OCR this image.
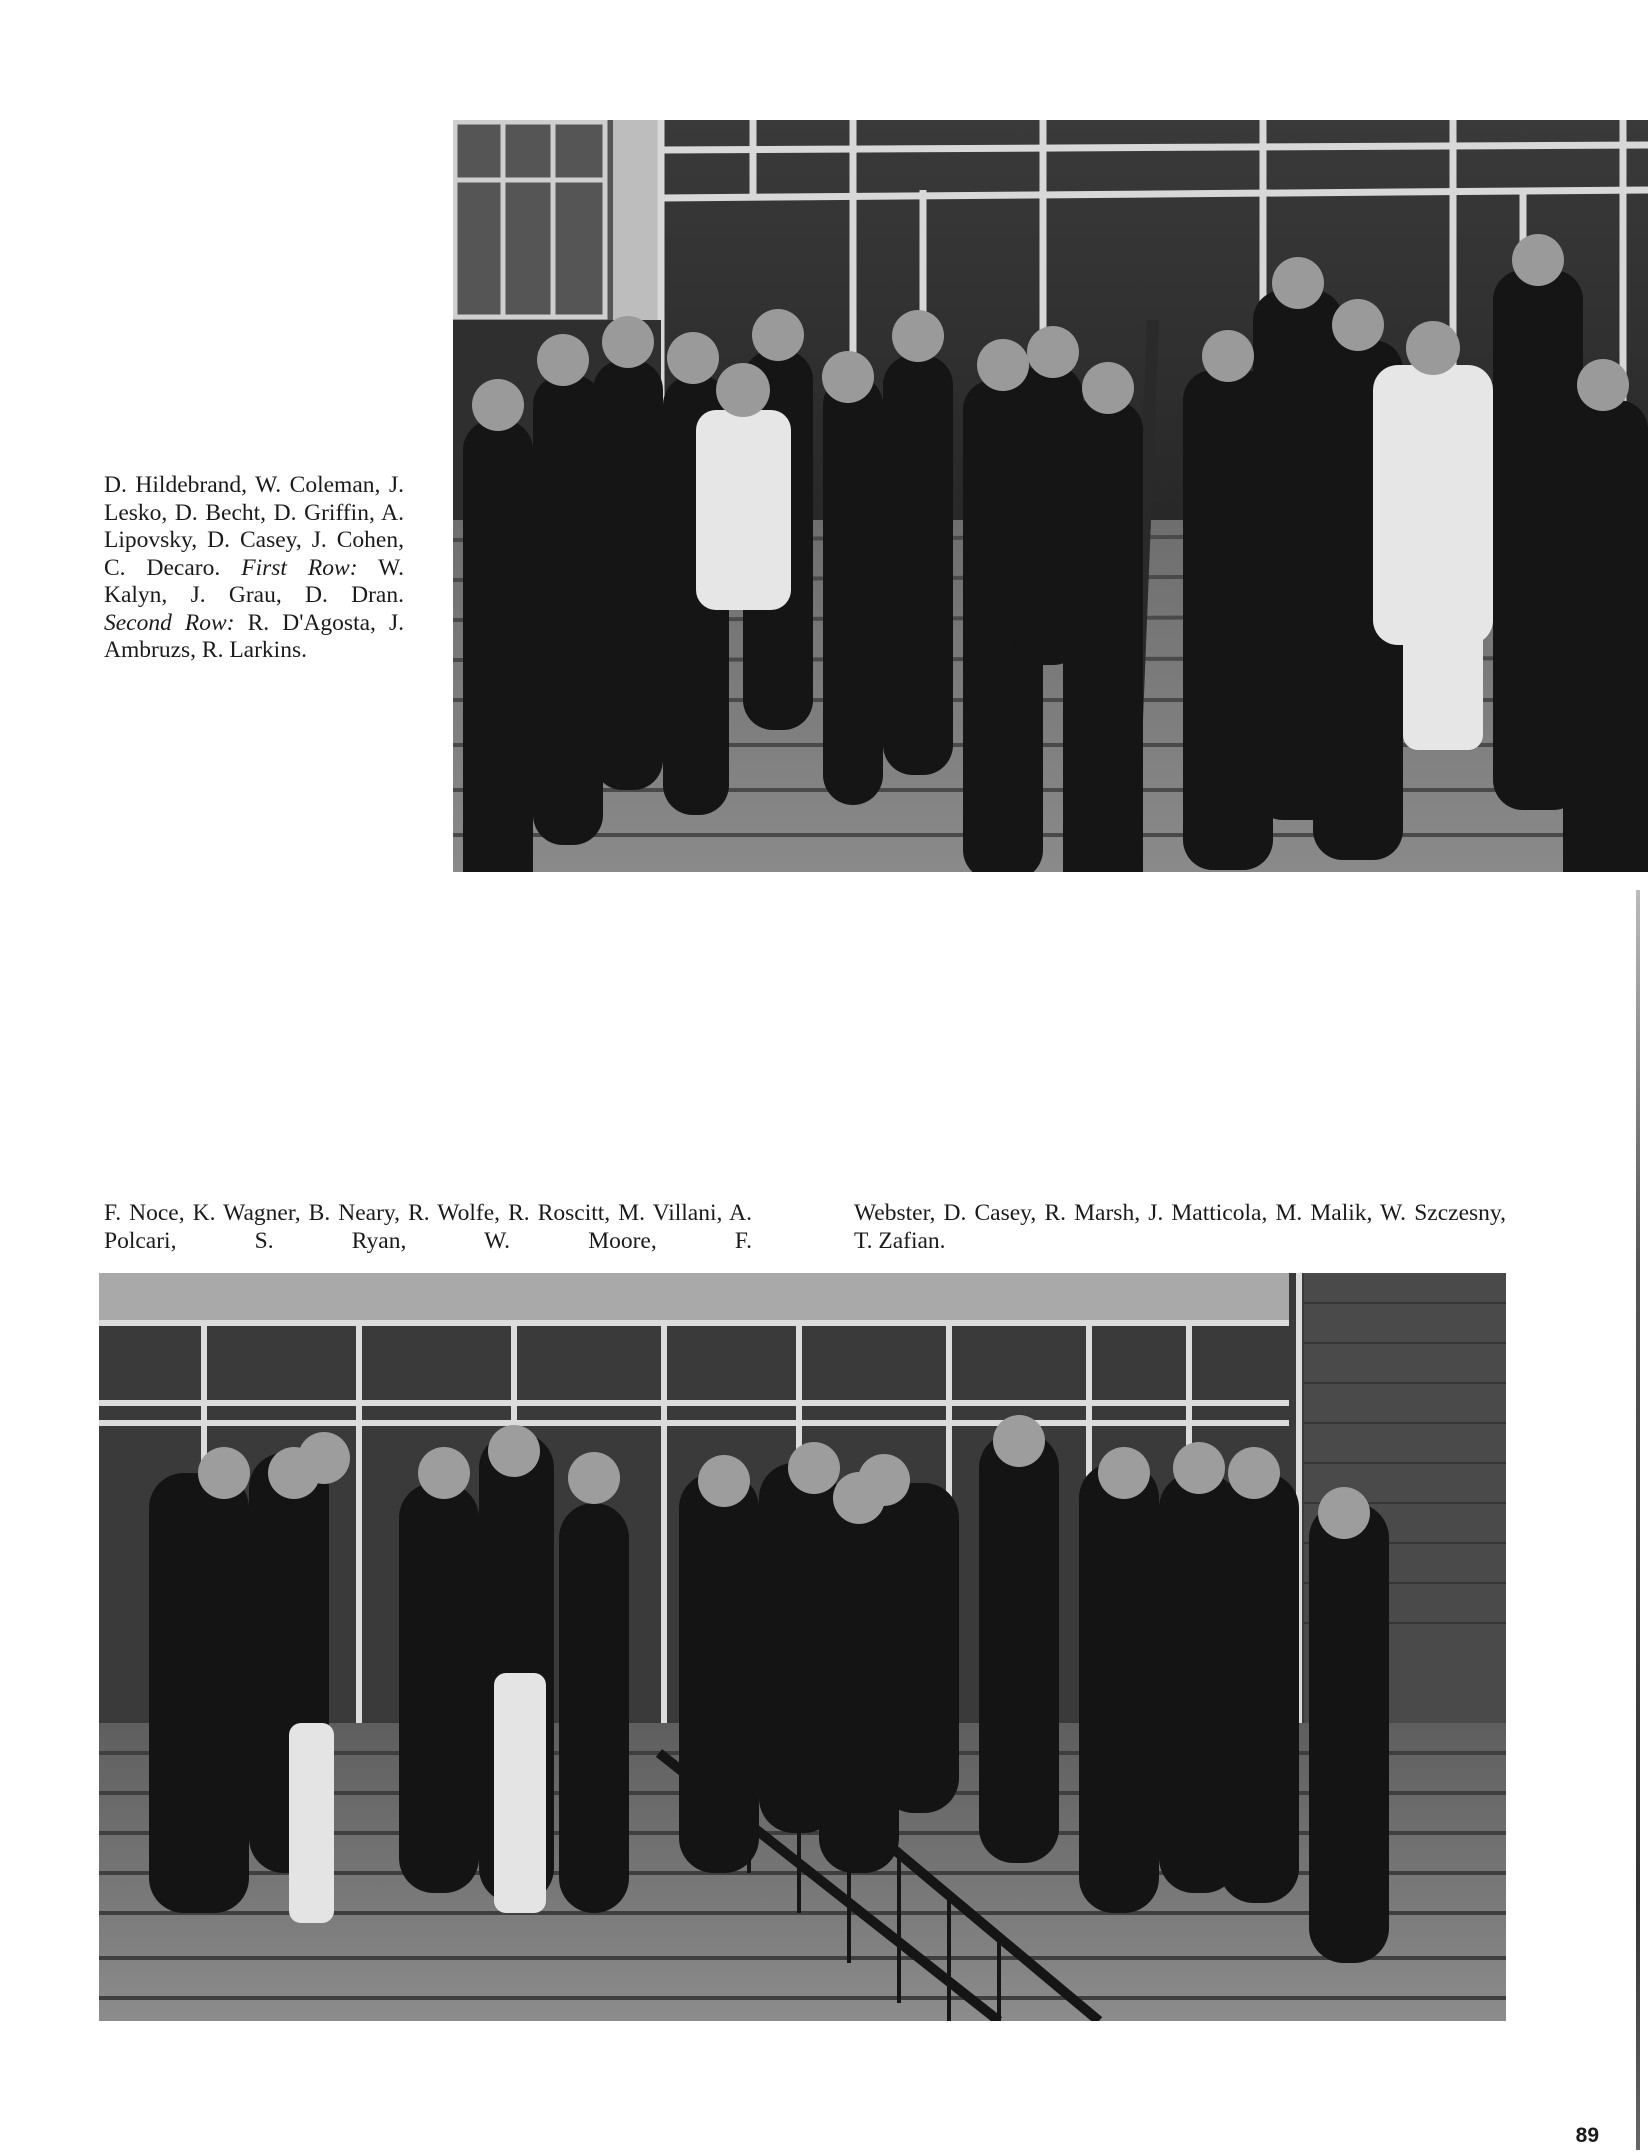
D. Hildebrand, W. Coleman, J. Lesko, D. Becht, D. Griffin, A. Lipovsky, D. Casey, J. Cohen, C. Decaro. First Row: W. Kalyn, J. Grau, D. Dran. Second Row: R. D'Agosta, J. Ambruzs, R. Larkins.

F. Noce, K. Wagner, B. Neary, R. Wolfe, R. Roscitt, M. Villani, A. Polcari, S. Ryan, W. Moore, F.

Webster, D. Casey, R. Marsh, J. Matticola, M. Malik, W. Szczesny, T. Zafian.

89
